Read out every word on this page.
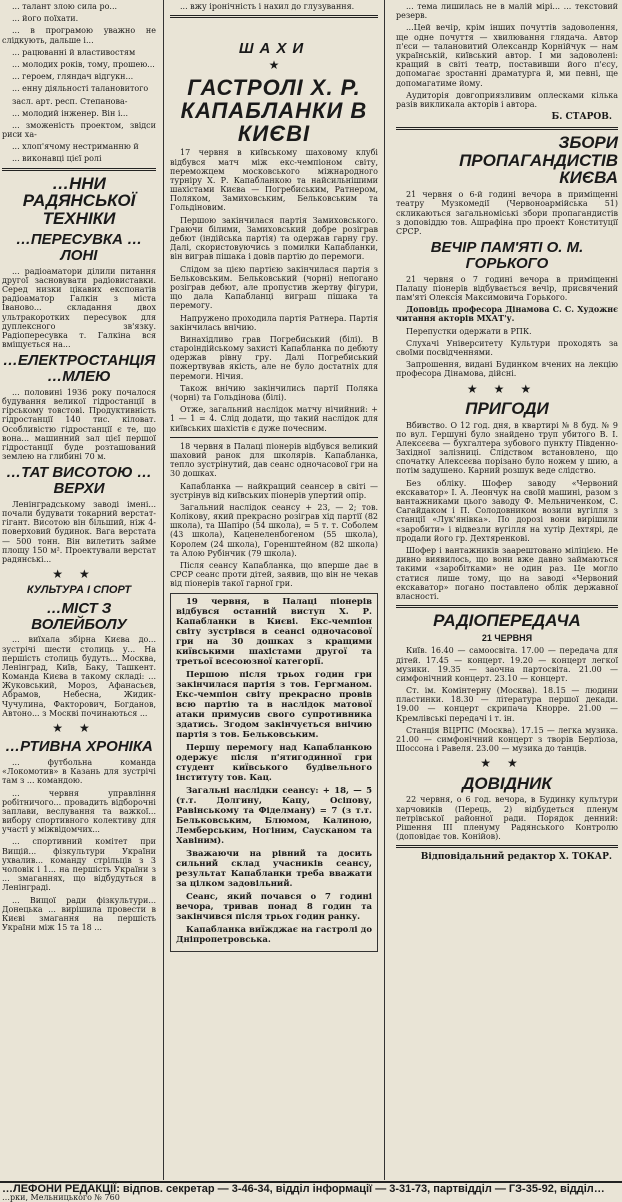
... талант злою сила ро...

... його поїхати.

... в програмою уважно не слідкують, дальше і...

... рацюванні й властивостям

... молодих років, тому, прошею...

... героем, гляндач відгукн...

... енну діяльності талановитого

засл. арт. респ. Степанова-

... молодий інженер. Він і...

... зможеність проектом, звідси риси ха-

... хлоп'ячому нестриманню й

... виконавці цієї ролі

…ННИ РАДЯНСЬКОЇ ТЕХНІКИ
…ПЕРЕСУВКА …ЛОНІ

... радіоаматори ділили питання другої засновувати радіовиставки. Серед низки цікавих експонатів радіоаматор Галкін з міста Іваново... складання двох ультракоротких пересувок для дуплексного зв'язку. Радіопересувка т. Галкіна вся вміщується на...

…ЕЛЕКТРОСТАНЦІЯ …МЛЕЮ

... половині 1936 року почалося будування великої гідростанції в гірському товстові. Продуктивність гідростанції 140 тис. кіловат. Особливістю гідростанції є те, що вона... машинний зал цієї першої гідростанції буде розташований землею на глибині 70 м.

…ТАТ ВИСОТОЮ …ВЕРХИ

Ленінградському заводі імені... почали будувати токарний верстат-гігант. Висотою він більший, ніж 4-поверховий будинок. Вага верстата — 500 тонн. Він вилетить займе площу 150 м². Проектували верстат радянські...

★★
КУЛЬТУРА І СПОРТ
…МІСТ З ВОЛЕЙБОЛУ

... виїхала збірна Києва до... зустрічі шести столиць у... На першість столиць будуть... Москва, Ленінград, Київ, Баку, Ташкент. Команда Києва в такому складі: ... Жуковський, Мороз, Афанасьєв, Абрамов, Небесна, Жидик-Чучулина, Факторович, Богданов, Автоно... з Москві починаються ...

★★
…РТИВНА ХРОНІКА

... футбольна команда «Локомотив» в Казань для зустрічі там з ... командою.

... червня управління робітничого... провадить відборочні заплави, веслування та важкої... вибору спортивного колективу для участі у міжвідомчих...

... спортивний комітет при Вищій... фізкультури України ухвалив... команду стрільців з 3 чоловік і 1... на першість України з ... змаганнях, що відбудуться в Ленінграді.

... Вищої ради фізкультури... Донецька ... вирішила провести в Києві змагання на першість України між 15 та 18 ...

... вжу іронічність і нахил до глузування.

ШАХИ
★
ГАСТРОЛІ Х. Р. КАПАБЛАНКИ В КИЄВІ

17 червня в київському шаховому клубі відбувся матч між екс-чемпіоном світу, переможцем московського міжнародного турніру Х. Р. Капабланкою та найсильнішими шахістами Києва — Погребиським, Ратнером, Поляком, Замиховським, Бельковським та Гольдіновим.

Першою закінчилася партія Замиховського. Граючи білими, Замиховський добре розіграв дебют (індійська партія) та одержав гарну гру. Далі, скористовуючись з помилки Капабланки, він виграв пішака і довів партію до перемоги.

Слідом за цією партією закінчилася партія з Бельковським. Бельковський (чорні) непогано розіграв дебют, але пропустив жертву фігури, що дала Капабланці виграш пішака та перемогу.

Напружено проходила партія Ратнера. Партія закінчилась внічию.

Винахідливо грав Погребиський (білі). В староіндійському захисті Капабланка по дебюту одержав рівну гру. Далі Погребиський пожертвував якість, але не було достатніх для перемоги. Нічия.

Також внічию закінчились партії Поляка (чорні) та Гольдінова (білі).

Отже, загальний наслідок матчу нічийний: + 1 — 1 = 4. Слід додати, що такий наслідок для київських шахістів є дуже почесним.

18 червня в Палаці піонерів відбувся великий шаховий ранок для школярів. Капабланка, тепло зустрінутий, дав сеанс одночасової гри на 30 дошках.

Капабланка — найкращий сеансер в світі — зустрінув від київських піонерів упертий опір.

Загальний наслідок сеансу + 23, — 2; тов. Колікову, який прекрасно розіграв хід партії (82 школа), та Шапіро (54 школа), = 5 т. т. Соболем (43 школа), Каценеленбогеном (55 школа), Королем (24 школа), Горенштейном (82 школа) та Алою Рубінчик (79 школа).

Після сеансу Капабланка, що вперше дає в СРСР сеанс проти дітей, заявив, що він не чекав від піонерів такої гарної гри.

19 червня, в Палаці піонерів відбувся останній виступ Х. Р. Капабланки в Києві. Екс-чемпіон світу зустрівся в сеансі одночасової гри на 30 дошках з кращими київськими шахістами другої та третьої всесоюзної категорії.

Першою після трьох годин гри закінчилася партія з тов. Гергманом. Екс-чемпіон світу прекрасно провів всю партію та в наслідок матової атаки примусив свого супротивника здатись. Згодом закінчується внічию партія з тов. Бельковським.

Першу перемогу над Капабланкою одержує після п'ятигодинної гри студент київського будівельного інституту тов. Кац.

Загальні наслідки сеансу: + 18, — 5 (т.т. Долгину, Кацу, Осіпову, Равінському та Фіделману) = 7 (з т.т. Бельковським, Блюмом, Калиною, Лемберським, Ногіним, Саусканом та Хавіним).

Зважаючи на рівний та досить сильний склад учасників сеансу, результат Капабланки треба вважати за цілком задовільний.

Сеанс, який почався о 7 годині вечора, тривав понад 8 годин та закінчився після трьох годин ранку.

Капабланка виїжджає на гастролі до Дніпропетровська.

... тема лишилась не в малій мірі... ... текстовий резерв.

...Цей вечір, крім інших почуттів задоволення, ще одне почуття — хвилювання глядача. Автор п'єси — талановитий Олександр Корнійчук — нам українській, київський автор. І ми задоволені: кращий в світі театр, поставивши його п'єсу, допомагає зростанні драматурга й, ми певні, ще допомагатиме йому.

Аудиторія довгоприязливим оплесками кілька разів викликала акторів і автора.

Б. СТАРОВ.
ЗБОРИ ПРОПАГАНДИСТІВ КИЄВА

21 червня о 6-й годині вечора в приміщенні театру Музкомедії (Червоноармійська 51) скликаються загальноміські збори пропагандистів з доповіддю тов. Ашрафіна про проект Конституції СРСР.

ВЕЧІР ПАМ'ЯТІ О. М. ГОРЬКОГО

21 червня о 7 годині вечора в приміщенні Палацу піонерів відбувається вечір, присвячений пам'яті Олексія Максимовича Горького.

Доповідь професора Дінамова С. С. Художнє читання акторів МХАТ'у.

Перепустки одержати в РПК.

Слухачі Університету Культури проходять за своїми посвідченнями.

Запрошення, видані Будинком вчених на лекцію професора Дінамова, дійсні.

★★★
ПРИГОДИ

Вбивство. О 12 год. дня, в квартирі № 8 буд. № 9 по вул. Гершуні було знайдено труп убитого В. І. Алексєєва — бухгалтера зубового пункту Південно-Західної залізниці. Слідством встановлено, що спочатку Алексєєва порізано було ножем у шию, а потім задушено. Карний розшук веде слідство.

Без обліку. Шофер заводу «Червоний екскаватор» І. А. Леончук на своїй машині, разом з вантажниками цього заводу Ф. Мельниченком, С. Сагайдаком і П. Солодовником возили вугілля з станції «Лук'янівка». По дорозі вони вирішили «заробити» і відвезли вугілля на хутір Дехтярі, де продали його гр. Дехтяренкові.

Шофер і вантажників заарештовано міліцією. Не дивно виявилось, що вони вже давно займаються такими «заробітками» не один раз. Це могло статися лише тому, що на заводі «Червоний екскаватор» погано поставлено облік державної власності.

РАДІОПЕРЕДАЧА
21 ЧЕРВНЯ

Київ. 16.40 — самоосвіта. 17.00 — передача для дітей. 17.45 — концерт. 19.20 — концерт легкої музики. 19.35 — заочна партосвіта. 21.00 — симфонічний концерт. 23.10 — концерт.

Ст. ім. Комінтерну (Москва). 18.15 — людини пластинки. 18.30 — література першої декади. 19.00 — концерт скрипача Кнорре. 21.00 — Кремлівські передачі і т. ін.

Станція ВЦРПС (Москва). 17.15 — легка музика. 21.00 — симфонічний концерт з творів Берліоза, Шоссона і Равеля. 23.00 — музика до танців.

★★
ДОВІДНИК

22 червня, о 6 год. вечора, в Будинку культури харчовиків (Перець, 2) відбудеться пленум петрівської районної ради. Порядок денний: Рішення III пленуму Радянського Контролю (доповідає тов. Конійов).

Відповідальний редактор Х. ТОКАР.
…ЛЕФОНИ РЕДАКЦІЇ: відпов. секретар — 3-46-34, відділ інформації — 3-31-73, партвідділ — ГЗ-35-92, відділ…
…рки, Мельницького № 760
